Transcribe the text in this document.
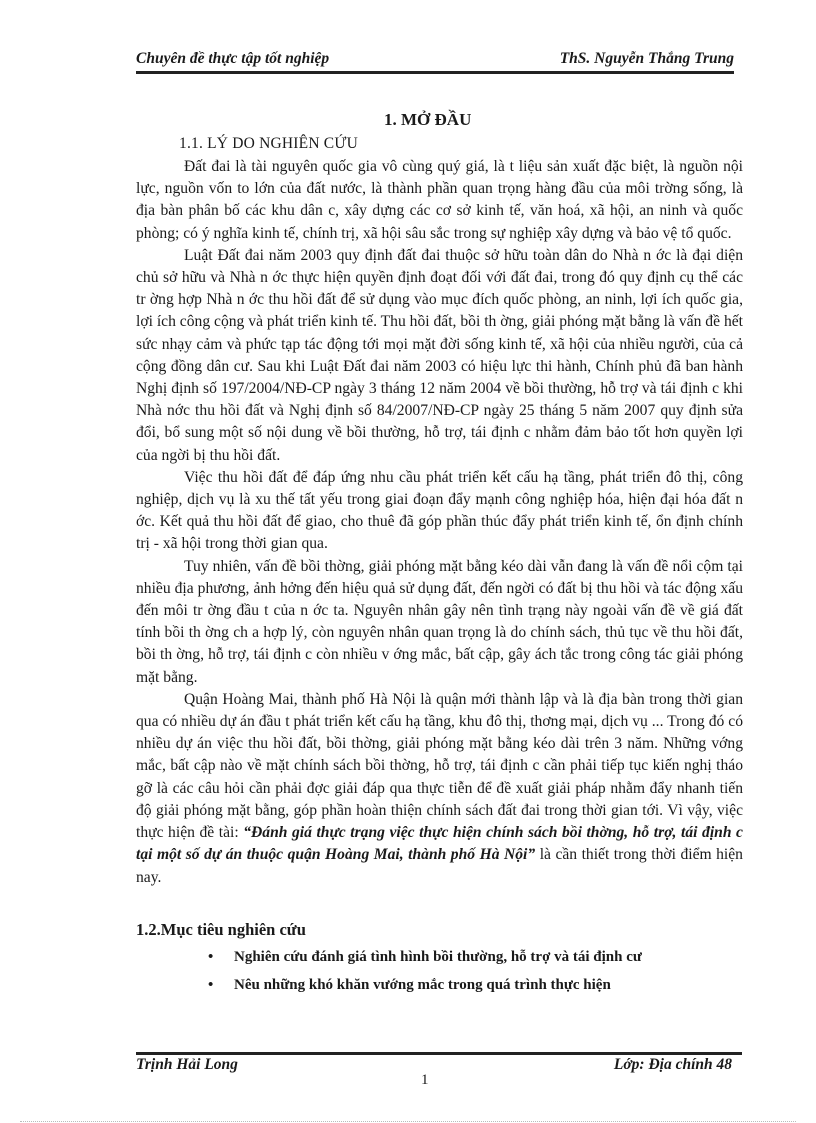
Chuyên đề thực tập tốt nghiệp	ThS. Nguyễn Thắng Trung
1. MỞ ĐẦU
1.1. LÝ DO NGHIÊN CỨU

Đất đai là tài nguyên quốc gia vô cùng quý giá, là t liệu sản xuất đặc biệt, là nguồn nội lực, nguồn vốn to lớn của đất nước, là thành phần quan trọng hàng đầu của môi trờng sống, là địa bàn phân bố các khu dân c, xây dựng các cơ sở kinh tế, văn hoá, xã hội, an ninh và quốc phòng; có ý nghĩa kinh tế, chính trị, xã hội sâu sắc trong sự nghiệp xây dựng và bảo vệ tổ quốc.

Luật Đất đai năm 2003 quy định đất đai thuộc sở hữu toàn dân do Nhà n ớc là đại diện chủ sở hữu và Nhà n ớc thực hiện quyền định đoạt đối với đất đai, trong đó quy định cụ thể các tr ờng hợp Nhà n ớc thu hồi đất để sử dụng vào mục đích quốc phòng, an ninh, lợi ích quốc gia, lợi ích công cộng và phát triển kinh tế. Thu hồi đất, bồi th ờng, giải phóng mặt bằng là vấn đề hết sức nhạy cảm và phức tạp tác động tới mọi mặt đời sống kinh tế, xã hội của nhiều người, của cả cộng đồng dân cư. Sau khi Luật Đất đai năm 2003 có hiệu lực thi hành, Chính phủ đã ban hành Nghị định số 197/2004/NĐ-CP ngày 3 tháng 12 năm 2004 về bồi thường, hỗ trợ và tái định c khi Nhà nớc thu hồi đất và Nghị định số 84/2007/NĐ-CP ngày 25 tháng 5 năm 2007 quy định sửa đổi, bổ sung một số nội dung về bồi thường, hỗ trợ, tái định c nhằm đảm bảo tốt hơn quyền lợi của ngời bị thu hồi đất.

Việc thu hồi đất để đáp ứng nhu cầu phát triển kết cấu hạ tầng, phát triển đô thị, công nghiệp, dịch vụ là xu thế tất yếu trong giai đoạn đẩy mạnh công nghiệp hóa, hiện đại hóa đất n ớc. Kết quả thu hồi đất để giao, cho thuê đã góp phần thúc đẩy phát triển kinh tế, ổn định chính trị - xã hội trong thời gian qua.

Tuy nhiên, vấn đề bồi thờng, giải phóng mặt bằng kéo dài vẫn đang là vấn đề nổi cộm tại nhiều địa phương, ảnh hởng đến hiệu quả sử dụng đất, đến ngời có đất bị thu hồi và tác động xấu đến môi tr ờng đầu t của n ớc ta. Nguyên nhân gây nên tình trạng này ngoài vấn đề về giá đất tính bồi th ờng ch a hợp lý, còn nguyên nhân quan trọng là do chính sách, thủ tục về thu hồi đất, bồi th ờng, hỗ trợ, tái định c còn nhiều v ớng mắc, bất cập, gây ách tắc trong công tác giải phóng mặt bằng.

Quận Hoàng Mai, thành phố Hà Nội là quận mới thành lập và là địa bàn trong thời gian qua có nhiều dự án đầu t phát triển kết cấu hạ tầng, khu đô thị, thơng mại, dịch vụ ... Trong đó có nhiều dự án việc thu hồi đất, bồi thờng, giải phóng mặt bằng kéo dài trên 3 năm. Những vớng mắc, bất cập nào về mặt chính sách bồi thờng, hỗ trợ, tái định c cần phải tiếp tục kiến nghị tháo gỡ là các câu hỏi cần phải đợc giải đáp qua thực tiễn để đề xuất giải pháp nhằm đẩy nhanh tiến độ giải phóng mặt bằng, góp phần hoàn thiện chính sách đất đai trong thời gian tới. Vì vậy, việc thực hiện đề tài: “Đánh giá thực trạng việc thực hiện chính sách bồi thờng, hỗ trợ, tái định c tại một số dự án thuộc quận Hoàng Mai, thành phố Hà Nội” là cần thiết trong thời điểm hiện nay.

1.2.Mục tiêu nghiên cứu
• Nghiên cứu đánh giá tình hình bồi thường, hỗ trợ và tái định cư
• Nêu những khó khăn vướng mắc trong quá trình thực hiện
Trịnh Hải Long	Lớp: Địa chính 48
1
